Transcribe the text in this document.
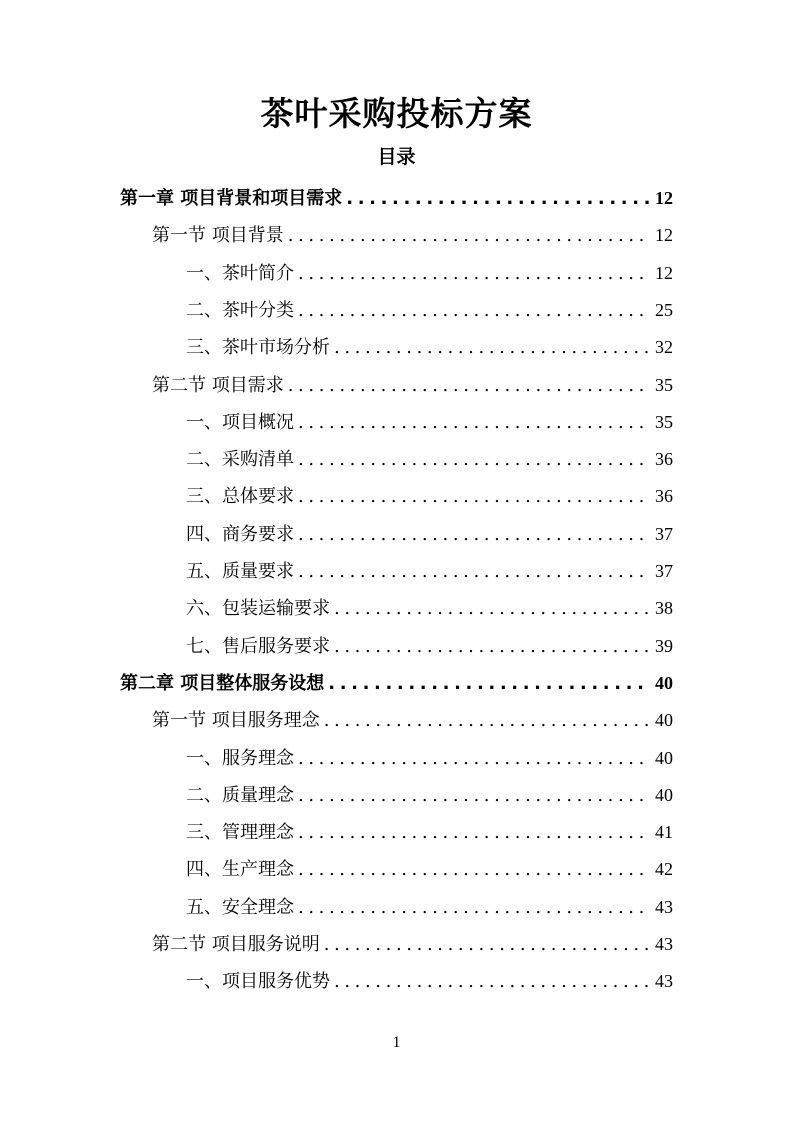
茶叶采购投标方案
目录
第一章 项目背景和项目需求 .....	12
第一节 项目背景 .....	12
一、茶叶简介 .....	12
二、茶叶分类 .....	25
三、茶叶市场分析 .....	32
第二节 项目需求 .....	35
一、项目概况 .....	35
二、采购清单 .....	36
三、总体要求 .....	36
四、商务要求 .....	37
五、质量要求 .....	37
六、包装运输要求 .....	38
七、售后服务要求 .....	39
第二章 项目整体服务设想 .....	40
第一节 项目服务理念 .....	40
一、服务理念 .....	40
二、质量理念 .....	40
三、管理理念 .....	41
四、生产理念 .....	42
五、安全理念 .....	43
第二节 项目服务说明 .....	43
一、项目服务优势 .....	43
1
